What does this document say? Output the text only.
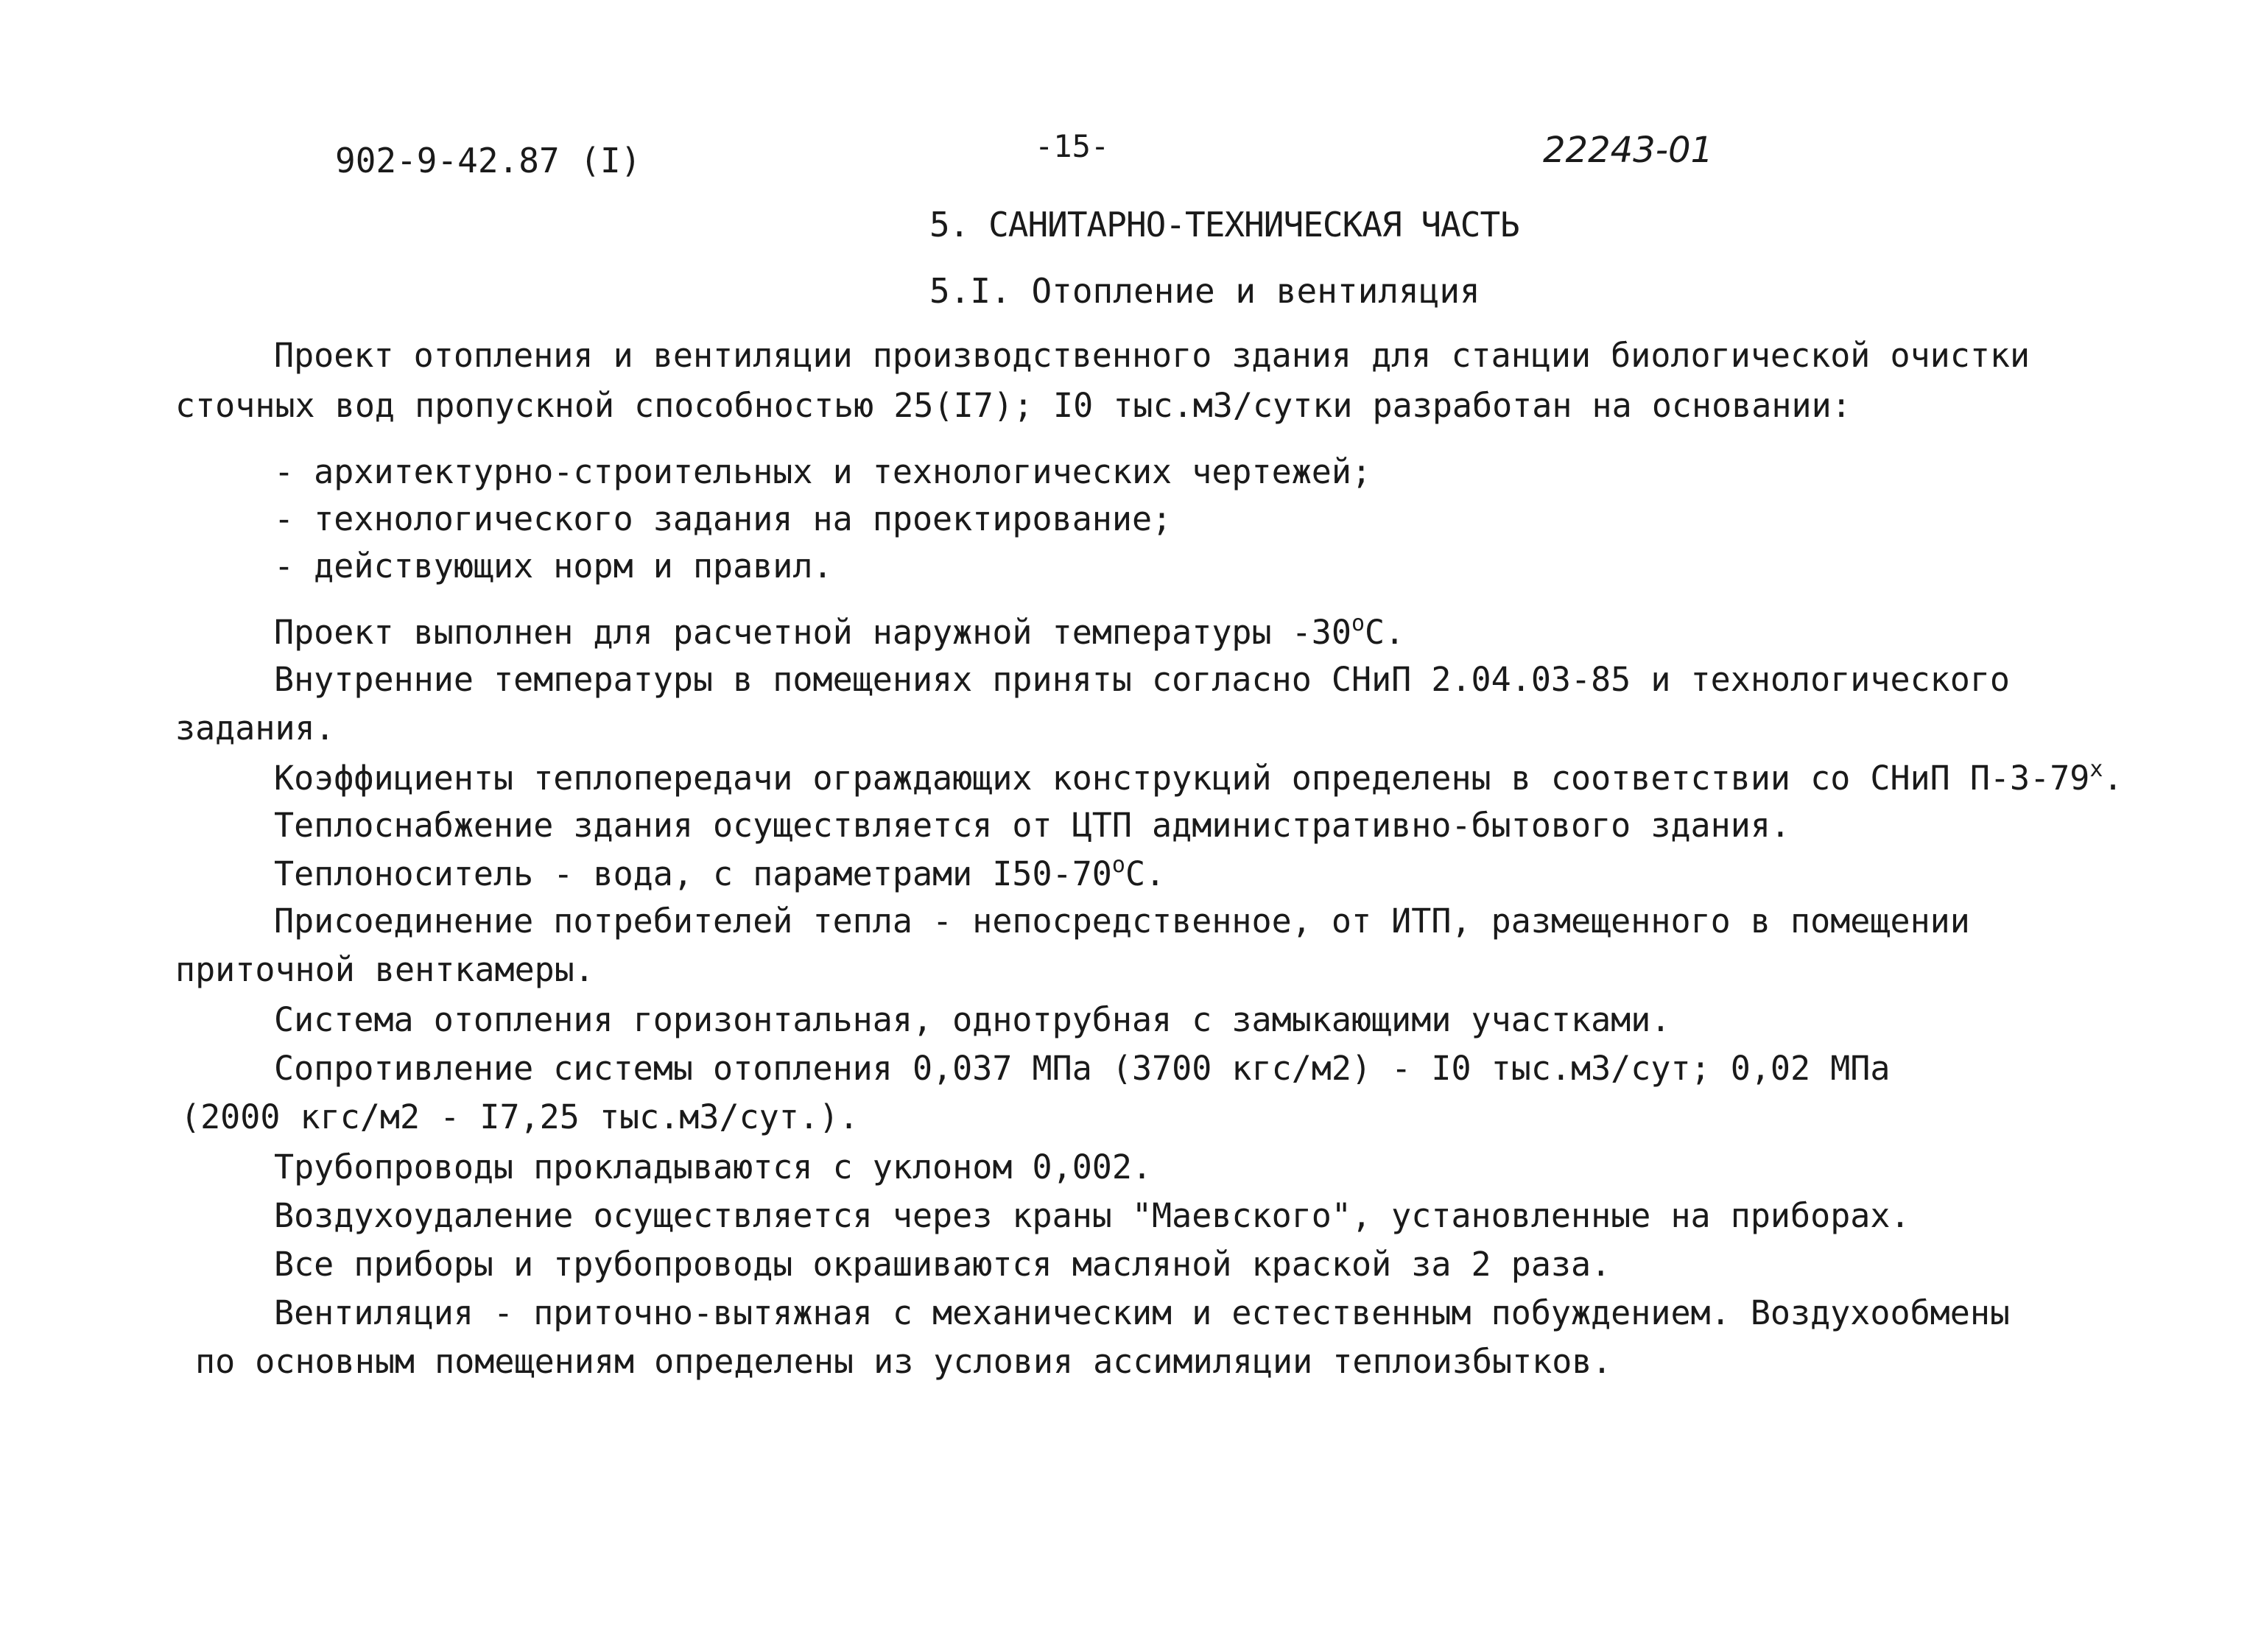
902-9-42.87 (I)	-15-	22243-01
5. САНИТАРНО-ТЕХНИЧЕСКАЯ ЧАСТЬ
5.I. Отопление и вентиляция
Проект отопления и вентиляции производственного здания для станции биологической очистки
сточных вод пропускной способностью 25(I7); I0 тыс.м3/сутки разработан на основании:
- архитектурно-строительных и технологических чертежей;
- технологического задания на проектирование;
- действующих норм и правил.
Проект выполнен для расчетной наружной температуры -30$^o$C.
Внутренние температуры в помещениях приняты согласно СНиП 2.04.03-85 и технологического
задания.
Коэффициенты теплопередачи ограждающих конструкций определены в соответствии со СНиП П-3-79$^x$.
Теплоснабжение здания осуществляется от ЦТП административно-бытового здания.
Теплоноситель - вода, с параметрами I50-70$^o$C.
Присоединение потребителей тепла - непосредственное, от ИТП, размещенного в помещении
приточной венткамеры.
Система отопления горизонтальная, однотрубная с замыкающими участками.
Сопротивление системы отопления 0,037 МПа (3700 кгс/м2) - I0 тыс.м3/сут; 0,02 МПа
(2000 кгс/м2 - I7,25 тыс.м3/сут.).
Трубопроводы прокладываются с уклоном 0,002.
Воздухоудаление осуществляется через краны "Маевского", установленные на приборах.
Все приборы и трубопроводы окрашиваются масляной краской за 2 раза.
Вентиляция - приточно-вытяжная с механическим и естественным побуждением. Воздухообмены
по основным помещениям определены из условия ассимиляции теплоизбытков.
